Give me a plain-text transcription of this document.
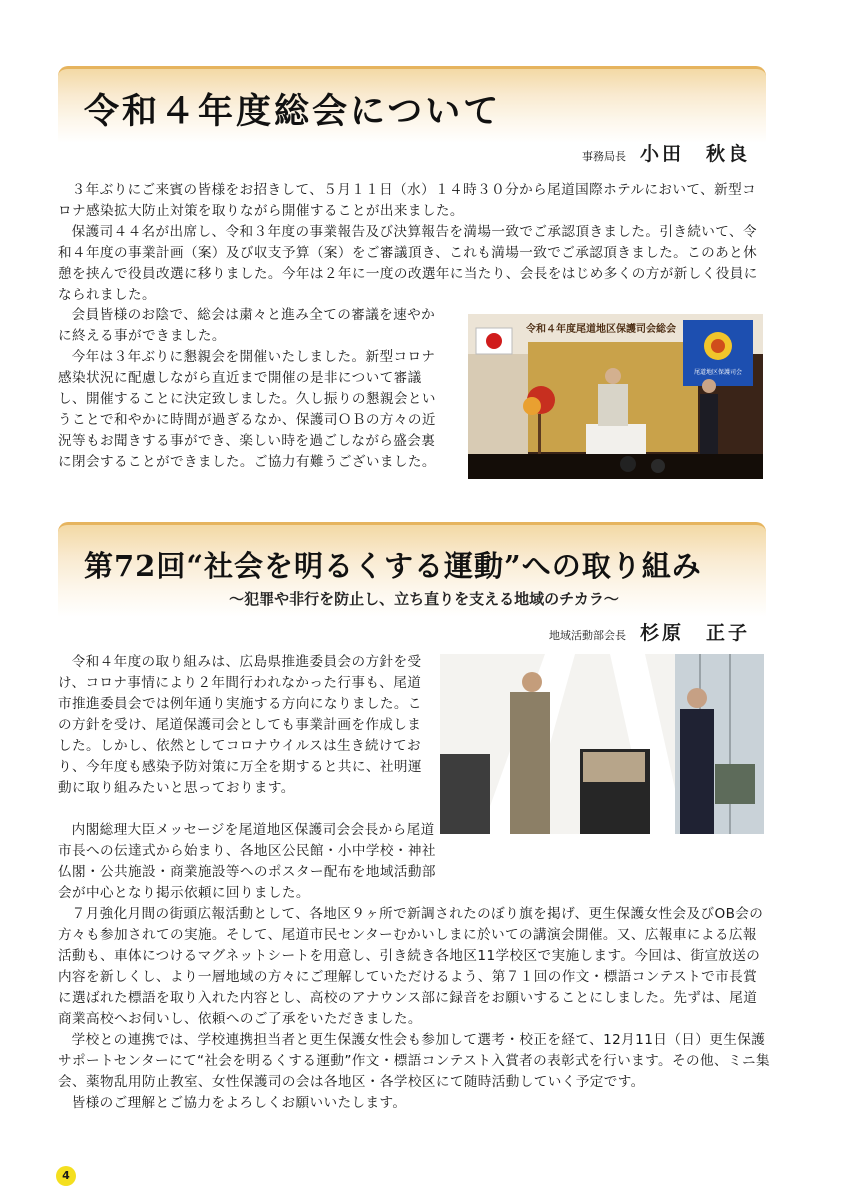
令和４年度総会について
事務局長 小田　秋良

３年ぶりにご来賓の皆様をお招きして、５月１１日（水）１４時３０分から尾道国際ホテルにおいて、新型コロナ感染拡大防止対策を取りながら開催することが出来ました。

保護司４４名が出席し、令和３年度の事業報告及び決算報告を満場一致でご承認頂きました。引き続いて、令和４年度の事業計画（案）及び収支予算（案）をご審議頂き、これも満場一致でご承認頂きました。このあと休憩を挟んで役員改選に移りました。今年は２年に一度の改選年に当たり、会長をはじめ多くの方が新しく役員になられました。

会員皆様のお陰で、総会は粛々と進み全ての審議を速やかに終える事ができました。

今年は３年ぶりに懇親会を開催いたしました。新型コロナ感染状況に配慮しながら直近まで開催の是非について審議し、開催することに決定致しました。久し振りの懇親会ということで和やかに時間が過ぎるなか、保護司ＯＢの方々の近況等もお聞きする事ができ、楽しい時を過ごしながら盛会裏に閉会することができました。ご協力有難うございました。

尾道地区保護司会
令和４年度尾道地区保護司会総会
第72回“社会を明るくする運動”への取り組み

～犯罪や非行を防止し、立ち直りを支える地域のチカラ～

地域活動部会長 杉原　正子

令和４年度の取り組みは、広島県推進委員会の方針を受け、コロナ事情により２年間行われなかった行事も、尾道市推進委員会では例年通り実施する方向になりました。この方針を受け、尾道保護司会としても事業計画を作成しました。しかし、依然としてコロナウイルスは生き続けており、今年度も感染予防対策に万全を期すると共に、社明運動に取り組みたいと思っております。

内閣総理大臣メッセージを尾道地区保護司会会長から尾道市長への伝達式から始まり、各地区公民館・小中学校・神社仏閣・公共施設・商業施設等へのポスター配布を地域活動部会が中心となり掲示依頼に回りました。

７月強化月間の街頭広報活動として、各地区９ヶ所で新調されたのぼり旗を掲げ、更生保護女性会及びOB会の方々も参加されての実施。そして、尾道市民センターむかいしまに於いての講演会開催。又、広報車による広報活動も、車体につけるマグネットシートを用意し、引き続き各地区11学校区で実施します。今回は、街宣放送の内容を新しくし、より一層地域の方々にご理解していただけるよう、第７１回の作文・標語コンテストで市長賞に選ばれた標語を取り入れた内容とし、高校のアナウンス部に録音をお願いすることにしました。先ずは、尾道商業高校へお伺いし、依頼へのご了承をいただきました。

学校との連携では、学校連携担当者と更生保護女性会も参加して選考・校正を経て、12月11日（日）更生保護サポートセンターにて“社会を明るくする運動”作文・標語コンテスト入賞者の表彰式を行います。その他、ミニ集会、薬物乱用防止教室、女性保護司の会は各地区・各学校区にて随時活動していく予定です。

皆様のご理解とご協力をよろしくお願いいたします。

4
